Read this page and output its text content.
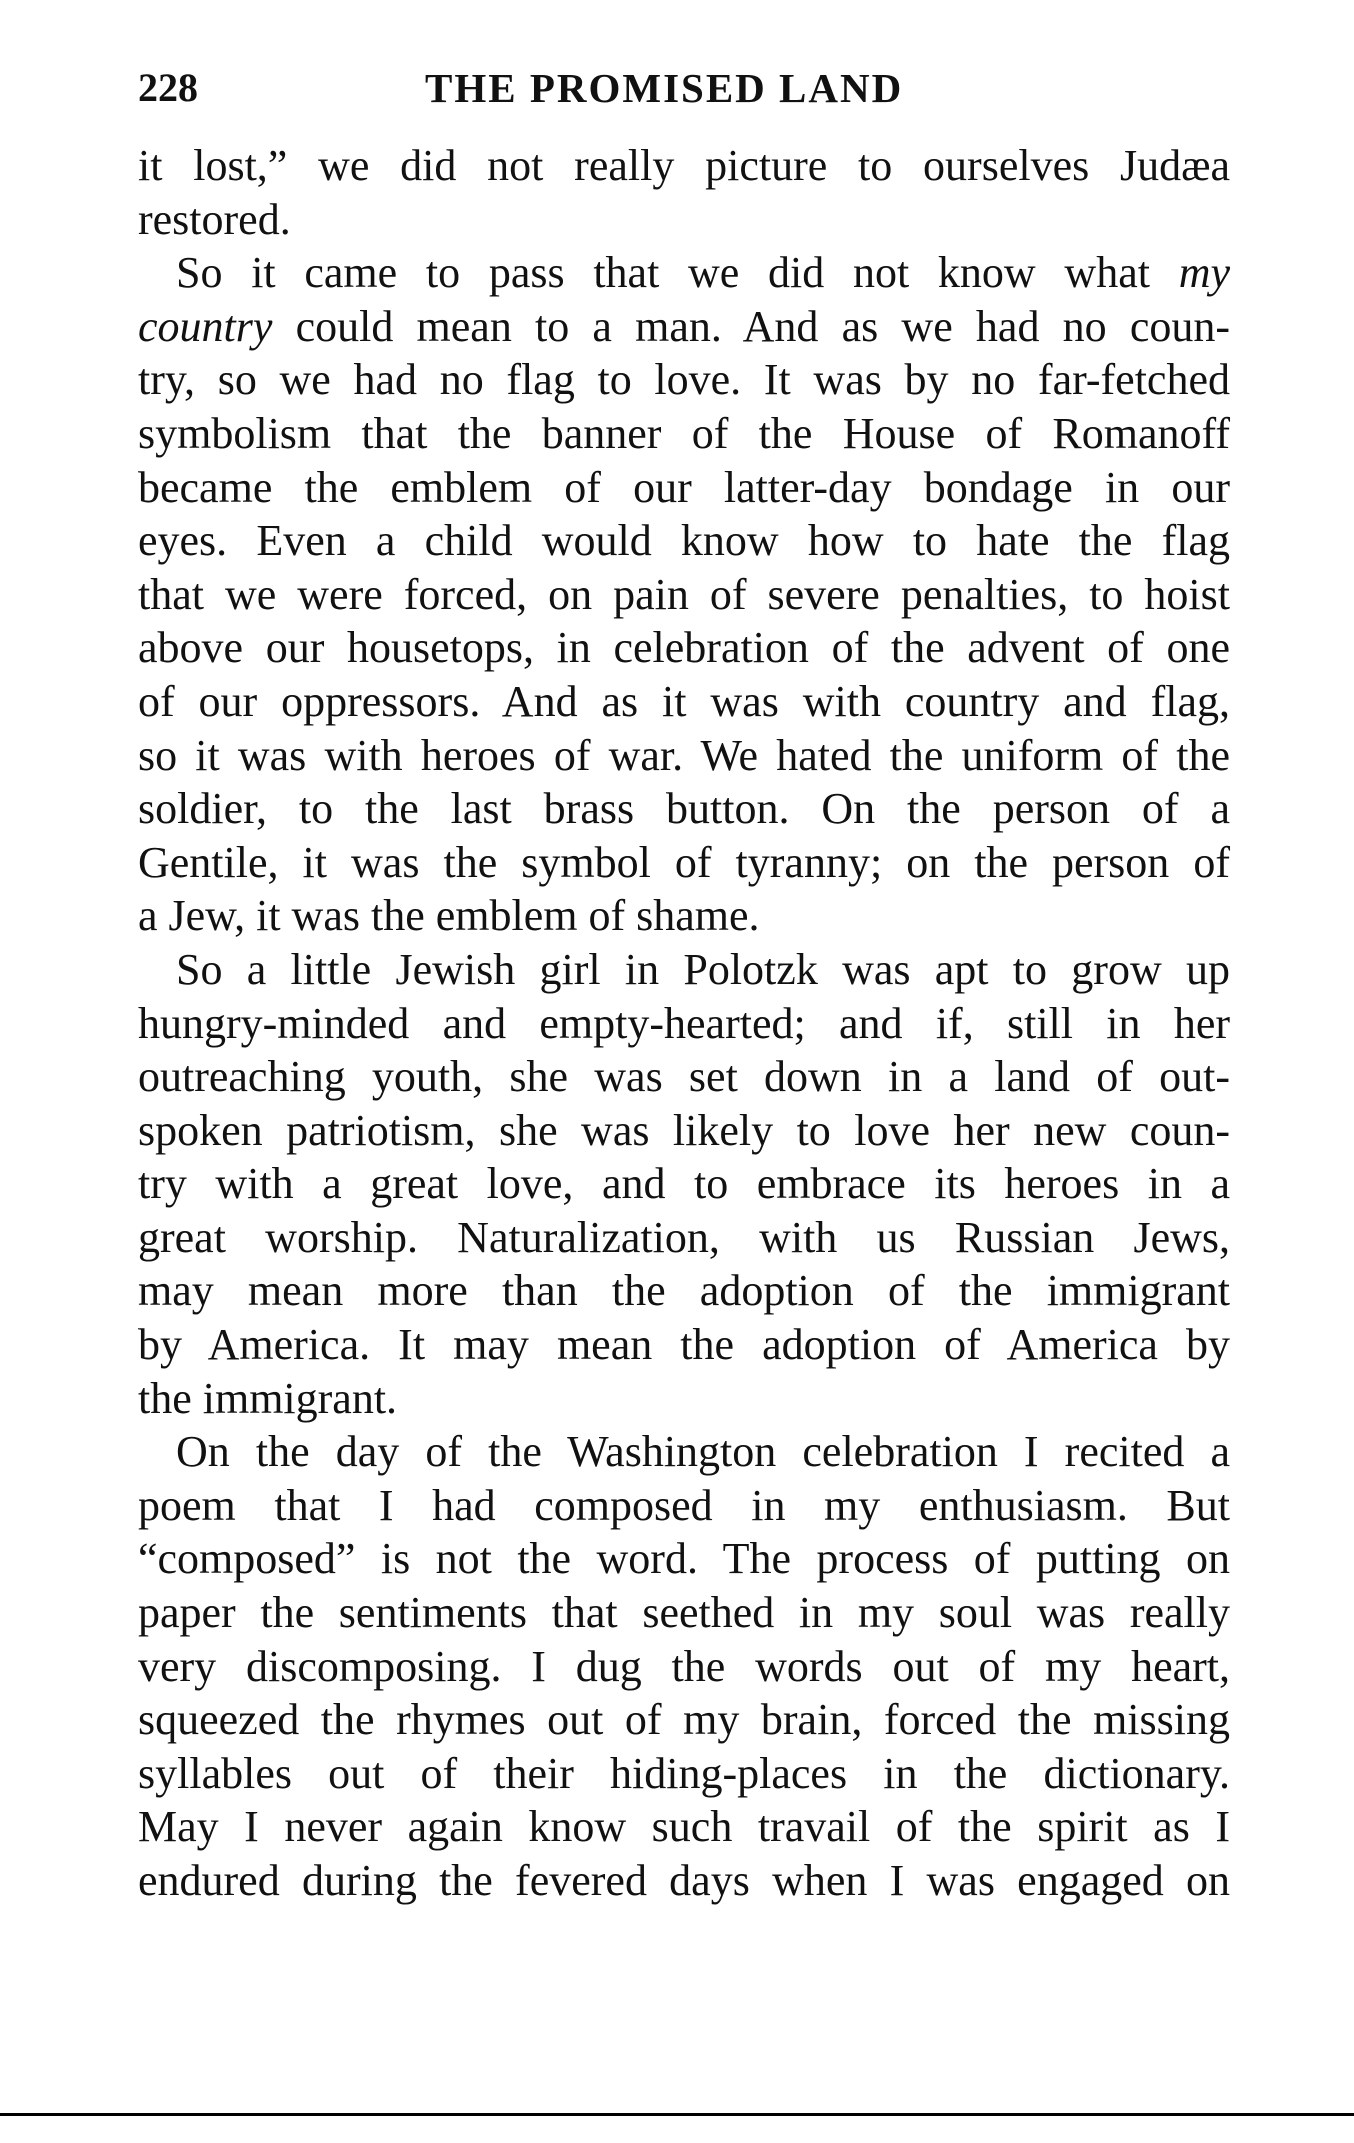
228	THE PROMISED LAND
it lost,” we did not really picture to ourselves Judæa
restored.
So it came to pass that we did not know what my
country could mean to a man. And as we had no coun-
try, so we had no flag to love. It was by no far-fetched
symbolism that the banner of the House of Romanoff
became the emblem of our latter-day bondage in our
eyes. Even a child would know how to hate the flag
that we were forced, on pain of severe penalties, to hoist
above our housetops, in celebration of the advent of one
of our oppressors. And as it was with country and flag,
so it was with heroes of war. We hated the uniform of the
soldier, to the last brass button. On the person of a
Gentile, it was the symbol of tyranny; on the person of
a Jew, it was the emblem of shame.
So a little Jewish girl in Polotzk was apt to grow up
hungry-minded and empty-hearted; and if, still in her
outreaching youth, she was set down in a land of out-
spoken patriotism, she was likely to love her new coun-
try with a great love, and to embrace its heroes in a
great worship. Naturalization, with us Russian Jews,
may mean more than the adoption of the immigrant
by America. It may mean the adoption of America by
the immigrant.
On the day of the Washington celebration I recited a
poem that I had composed in my enthusiasm. But
“composed” is not the word. The process of putting on
paper the sentiments that seethed in my soul was really
very discomposing. I dug the words out of my heart,
squeezed the rhymes out of my brain, forced the missing
syllables out of their hiding-places in the dictionary.
May I never again know such travail of the spirit as I
endured during the fevered days when I was engaged on
